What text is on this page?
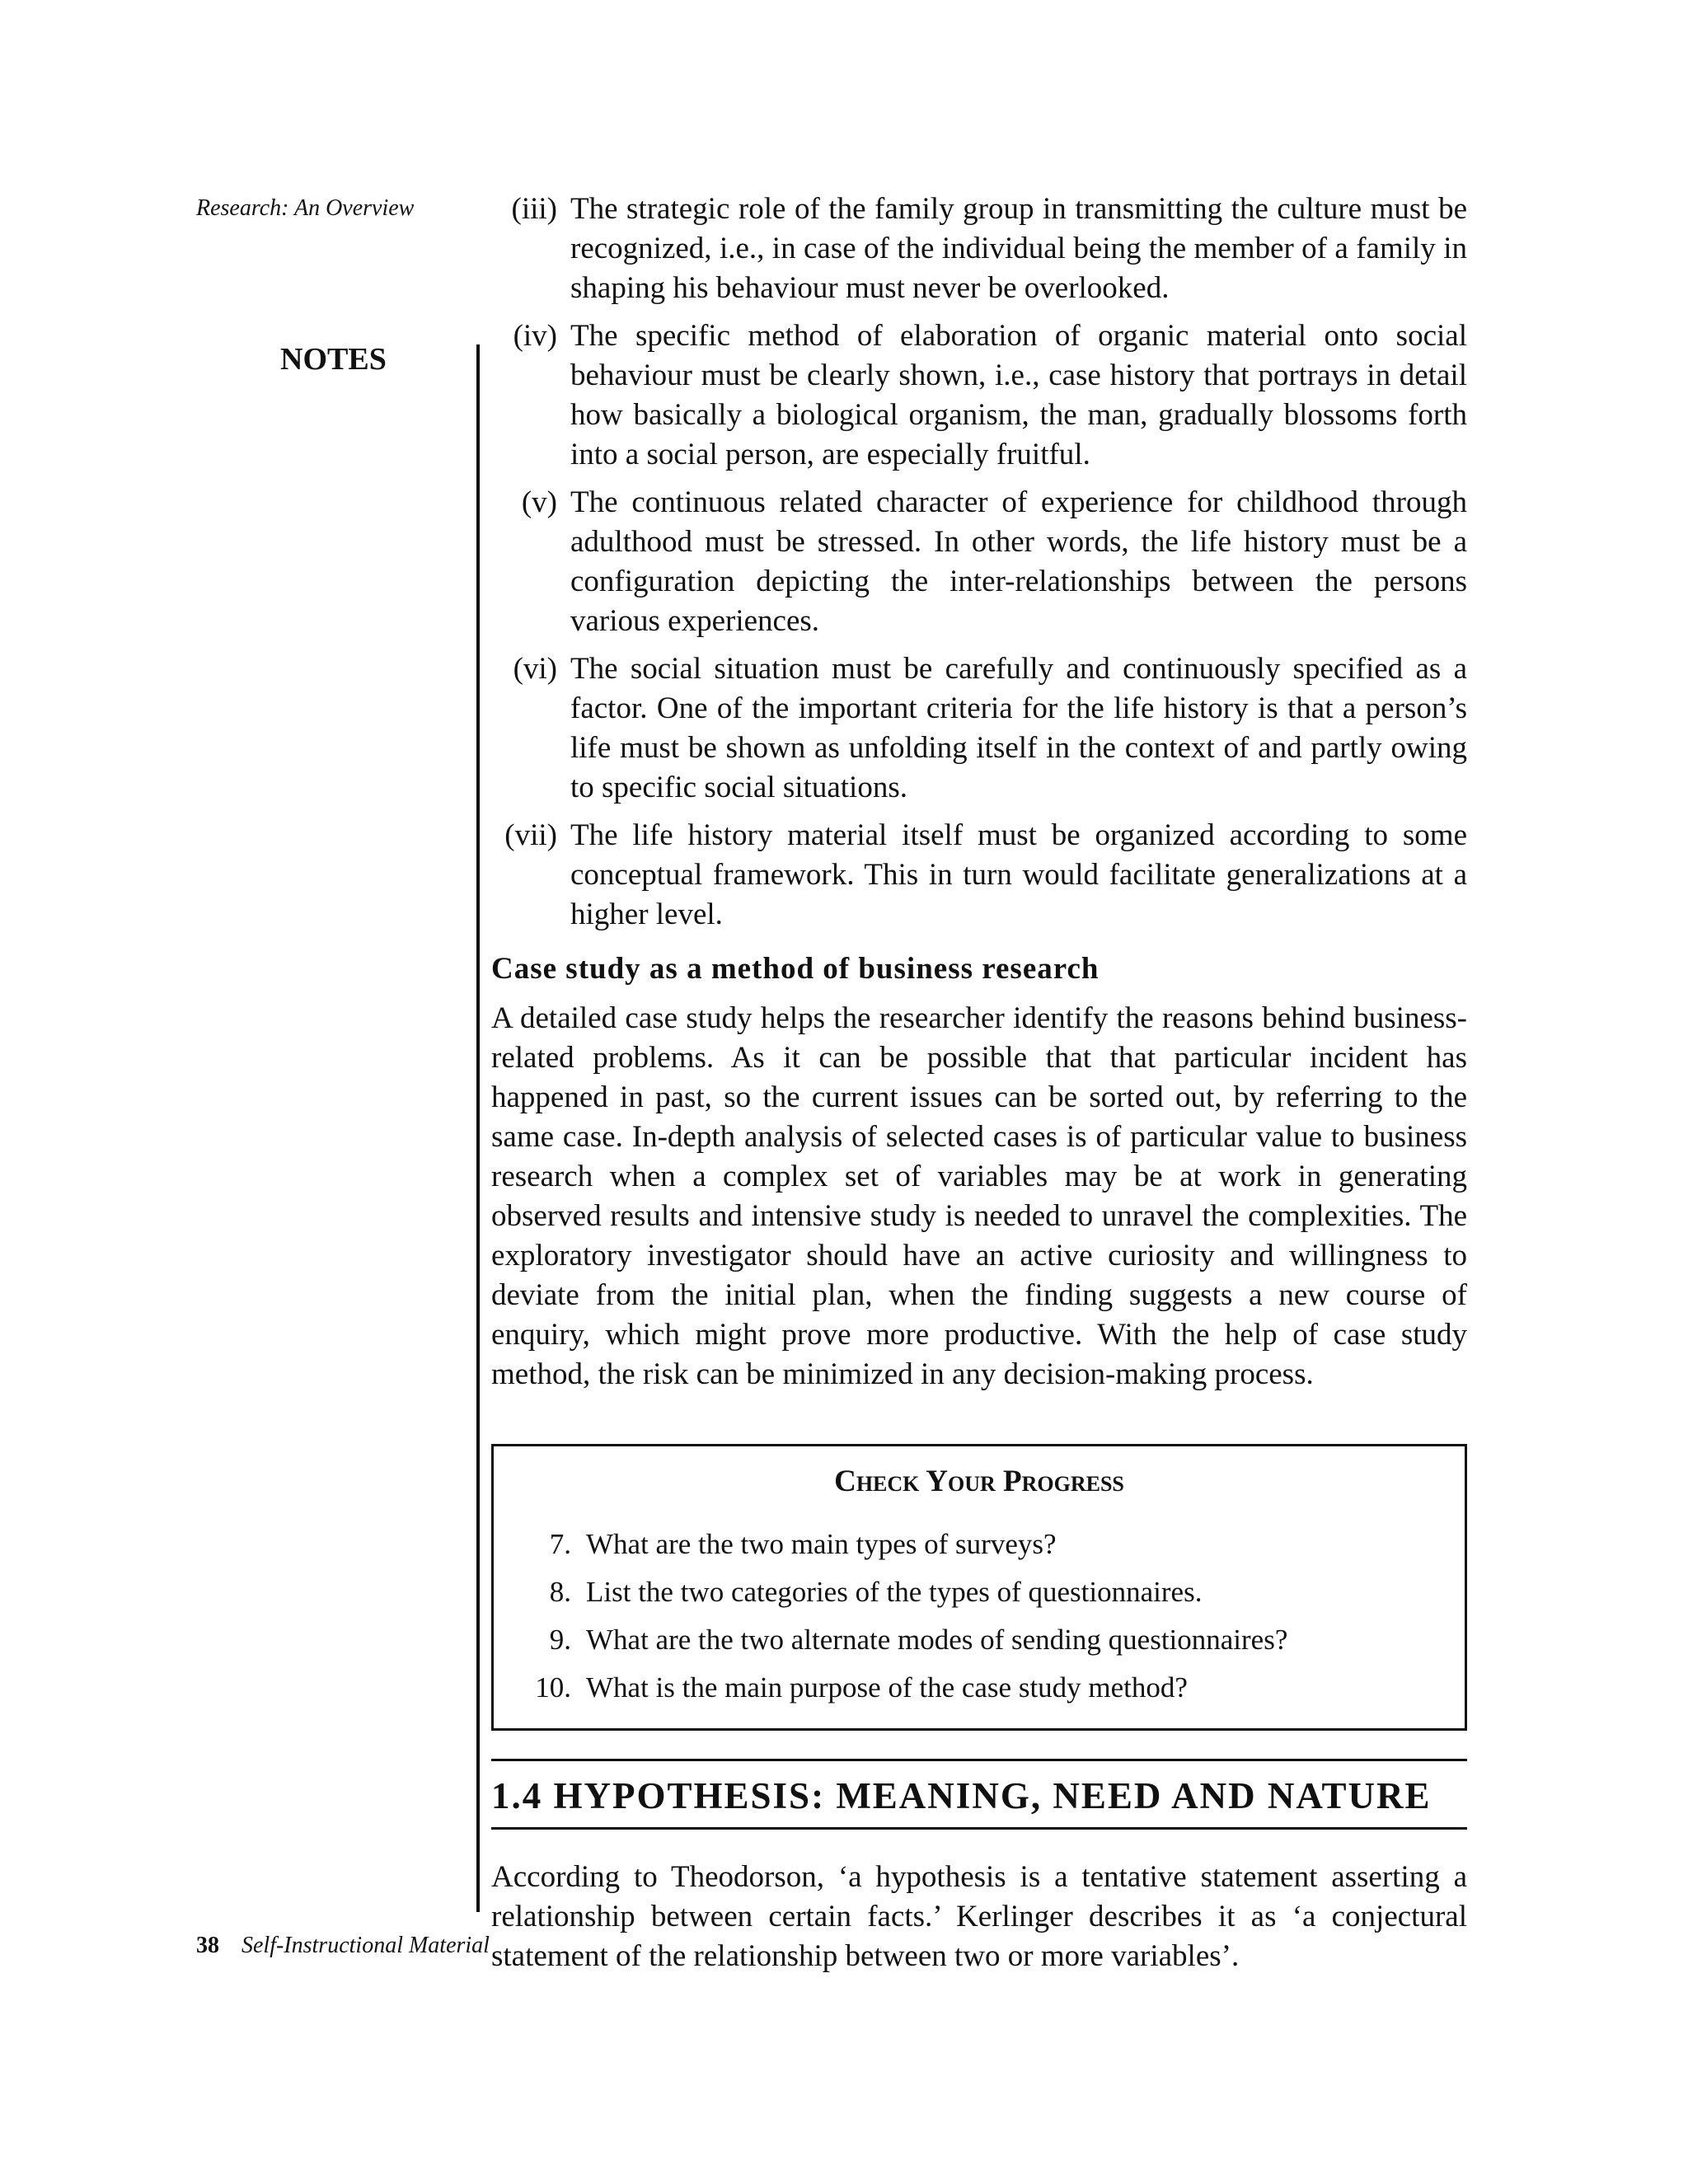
Research: An Overview
NOTES
(iii) The strategic role of the family group in transmitting the culture must be recognized, i.e., in case of the individual being the member of a family in shaping his behaviour must never be overlooked.
(iv) The specific method of elaboration of organic material onto social behaviour must be clearly shown, i.e., case history that portrays in detail how basically a biological organism, the man, gradually blossoms forth into a social person, are especially fruitful.
(v) The continuous related character of experience for childhood through adulthood must be stressed. In other words, the life history must be a configuration depicting the inter-relationships between the persons various experiences.
(vi) The social situation must be carefully and continuously specified as a factor. One of the important criteria for the life history is that a person’s life must be shown as unfolding itself in the context of and partly owing to specific social situations.
(vii) The life history material itself must be organized according to some conceptual framework. This in turn would facilitate generalizations at a higher level.
Case study as a method of business research

A detailed case study helps the researcher identify the reasons behind business-related problems. As it can be possible that that particular incident has happened in past, so the current issues can be sorted out, by referring to the same case. In-depth analysis of selected cases is of particular value to business research when a complex set of variables may be at work in generating observed results and intensive study is needed to unravel the complexities. The exploratory investigator should have an active curiosity and willingness to deviate from the initial plan, when the finding suggests a new course of enquiry, which might prove more productive. With the help of case study method, the risk can be minimized in any decision-making process.

Check Your Progress
7. What are the two main types of surveys?
8. List the two categories of the types of questionnaires.
9. What are the two alternate modes of sending questionnaires?
10. What is the main purpose of the case study method?
1.4 HYPOTHESIS: MEANING, NEED AND NATURE

According to Theodorson, ‘a hypothesis is a tentative statement asserting a relationship between certain facts.’ Kerlinger describes it as ‘a conjectural statement of the relationship between two or more variables’.

38 Self-Instructional Material
